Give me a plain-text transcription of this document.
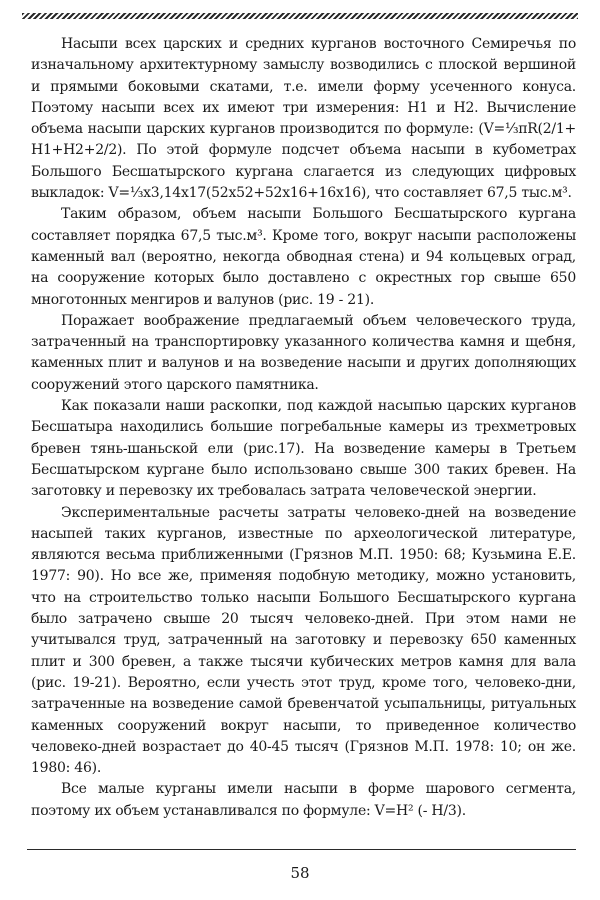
Насыпи всех царских и средних курганов восточного Семиречья по изначальному архитектурному замыслу возводились с плоской вершиной и прямыми боковыми скатами, т.е. имели форму усеченного конуса. Поэтому насыпи всех их имеют три измерения: Н1 и Н2. Вычисление объема насыпи царских курганов производится по формуле: (V=⅓πR(2/1+ H1+H2+2/2). По этой формуле подсчет объема насыпи в кубометрах Большого Бесшатырского кургана слагается из следующих цифровых выкладок: V=⅓x3,14x17(52x52+52x16+16x16), что составляет 67,5 тыс.м³.

Таким образом, объем насыпи Большого Бесшатырского кургана составляет порядка 67,5 тыс.м³. Кроме того, вокруг насыпи расположены каменный вал (вероятно, некогда обводная стена) и 94 кольцевых оград, на сооружение которых было доставлено с окрестных гор свыше 650 многотонных менгиров и валунов (рис. 19 - 21).

Поражает воображение предлагаемый объем человеческого труда, затраченный на транспортировку указанного количества камня и щебня, каменных плит и валунов и на возведение насыпи и других дополняющих сооружений этого царского памятника.

Как показали наши раскопки, под каждой насыпью царских курганов Бесшатыра находились большие погребальные камеры из трехметровых бревен тянь-шаньской ели (рис.17). На возведение камеры в Третьем Бесшатырском кургане было использовано свыше 300 таких бревен. На заготовку и перевозку их требовалась затрата человеческой энергии.

Экспериментальные расчеты затраты человеко-дней на возведение насыпей таких курганов, известные по археологической литературе, являются весьма приближенными (Грязнов М.П. 1950: 68; Кузьмина Е.Е. 1977: 90). Но все же, применяя подобную методику, можно установить, что на строительство только насыпи Большого Бесшатырского кургана было затрачено свыше 20 тысяч человеко-дней. При этом нами не учитывался труд, затраченный на заготовку и перевозку 650 каменных плит и 300 бревен, а также тысячи кубических метров камня для вала (рис. 19-21). Вероятно, если учесть этот труд, кроме того, человеко-дни, затраченные на возведение самой бревенчатой усыпальницы, ритуальных каменных сооружений вокруг насыпи, то приведенное количество человеко-дней возрастает до 40-45 тысяч (Грязнов М.П. 1978: 10; он же. 1980: 46).

Все малые курганы имели насыпи в форме шарового сегмента, поэтому их объем устанавливался по формуле: V=H² (- H/3).

58
